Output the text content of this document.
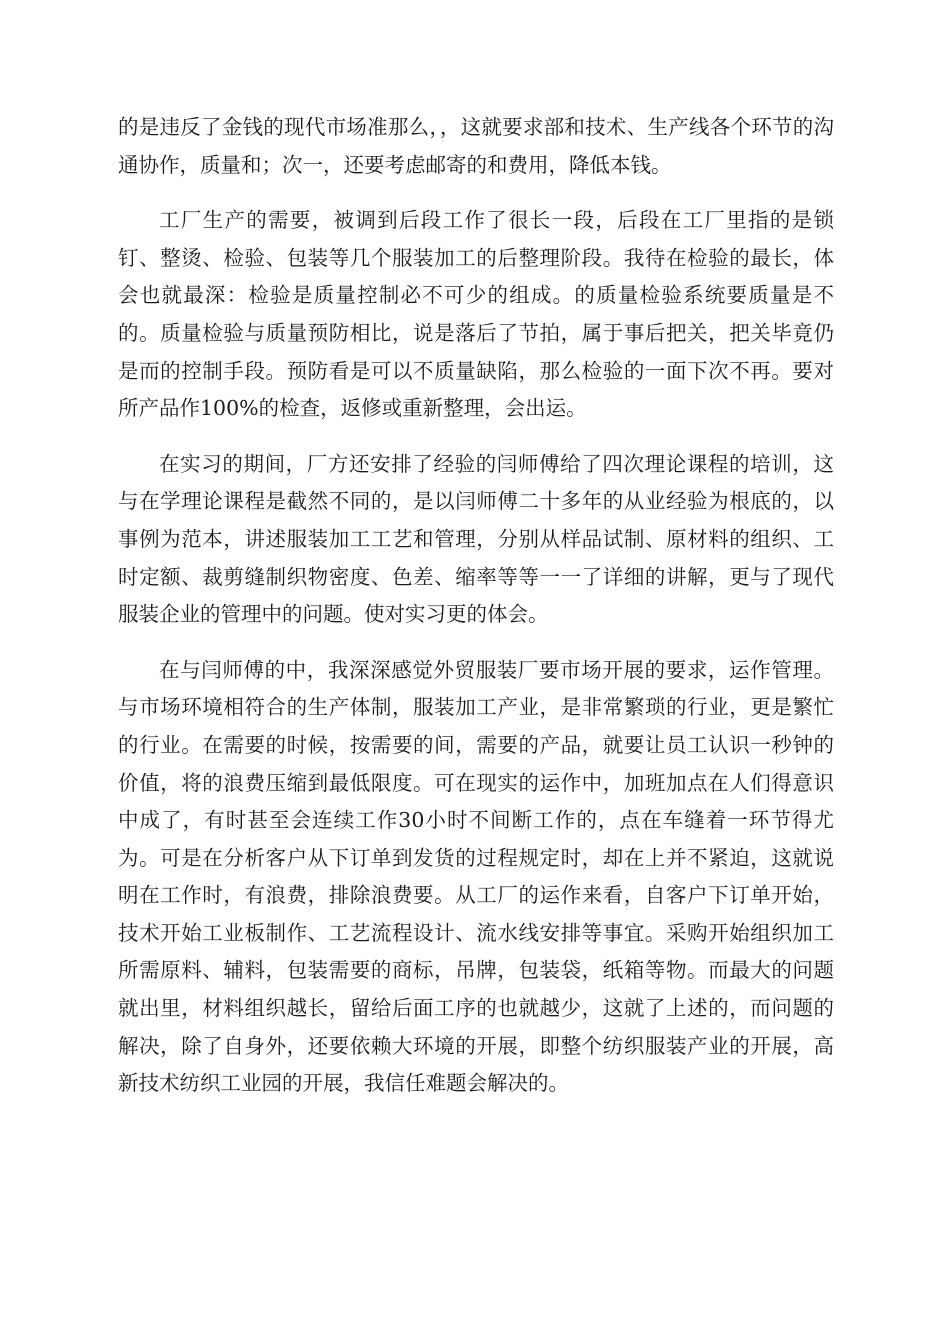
的是违反了金钱的现代市场准那么，，这就要求部和技术、生产线各个环节的沟通协作，质量和；次一，还要考虑邮寄的和费用，降低本钱。

工厂生产的需要，被调到后段工作了很长一段，后段在工厂里指的是锁钉、整烫、检验、包装等几个服装加工的后整理阶段。我待在检验的最长，体会也就最深：检验是质量控制必不可少的组成。的质量检验系统要质量是不的。质量检验与质量预防相比，说是落后了节拍，属于事后把关，把关毕竟仍是而的控制手段。预防看是可以不质量缺陷，那么检验的一面下次不再。要对所产品作100%的检查，返修或重新整理，会出运。

在实习的期间，厂方还安排了经验的闫师傅给了四次理论课程的培训，这与在学理论课程是截然不同的，是以闫师傅二十多年的从业经验为根底的，以事例为范本，讲述服装加工工艺和管理，分别从样品试制、原材料的组织、工时定额、裁剪缝制织物密度、色差、缩率等等一一了详细的讲解，更与了现代服装企业的管理中的问题。使对实习更的体会。

在与闫师傅的中，我深深感觉外贸服装厂要市场开展的要求，运作管理。与市场环境相符合的生产体制，服装加工产业，是非常繁琐的行业，更是繁忙的行业。在需要的时候，按需要的间，需要的产品，就要让员工认识一秒钟的价值，将的浪费压缩到最低限度。可在现实的运作中，加班加点在人们得意识中成了，有时甚至会连续工作30小时不间断工作的，点在车缝着一环节得尤为。可是在分析客户从下订单到发货的过程规定时，却在上并不紧迫，这就说明在工作时，有浪费，排除浪费要。从工厂的运作来看，自客户下订单开始，技术开始工业板制作、工艺流程设计、流水线安排等事宜。采购开始组织加工所需原料、辅料，包装需要的商标，吊牌，包装袋，纸箱等物。而最大的问题就出里，材料组织越长，留给后面工序的也就越少，这就了上述的，而问题的解决，除了自身外，还要依赖大环境的开展，即整个纺织服装产业的开展，高新技术纺织工业园的开展，我信任难题会解决的。
